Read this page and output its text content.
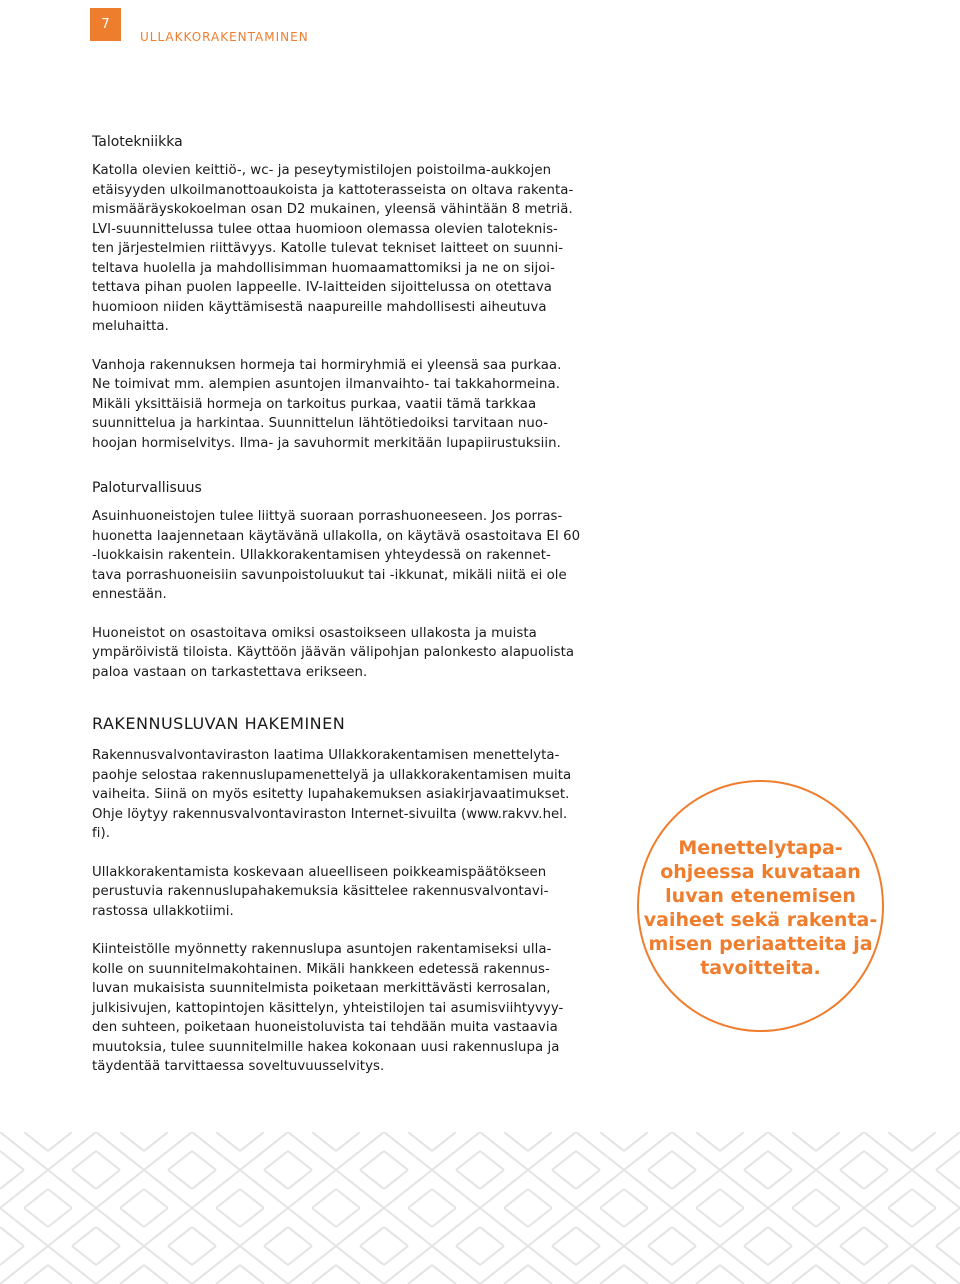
7
ULLAKKORAKENTAMINEN
Talotekniikka

Katolla olevien keittiö-, wc- ja peseytymistilojen poistoilma-aukkojen
etäisyyden ulkoilmanottoaukoista ja kattoterasseista on oltava rakenta-
mismääräyskokoelman osan D2 mukainen, yleensä vähintään 8 metriä.
LVI-suunnittelussa tulee ottaa huomioon olemassa olevien taloteknis-
ten järjestelmien riittävyys. Katolle tulevat tekniset laitteet on suunni-
teltava huolella ja mahdollisimman huomaamattomiksi ja ne on sijoi-
tettava pihan puolen lappeelle. IV-laitteiden sijoittelussa on otettava
huomioon niiden käyttämisestä naapureille mahdollisesti aiheutuva
meluhaitta.

Vanhoja rakennuksen hormeja tai hormiryhmiä ei yleensä saa purkaa.
Ne toimivat mm. alempien asuntojen ilmanvaihto- tai takkahormeina.
Mikäli yksittäisiä hormeja on tarkoitus purkaa, vaatii tämä tarkkaa
suunnittelua ja harkintaa. Suunnittelun lähtötiedoiksi tarvitaan nuo-
hoojan hormiselvitys. Ilma- ja savuhormit merkitään lupapiirustuksiin.

Paloturvallisuus

Asuinhuoneistojen tulee liittyä suoraan porrashuoneeseen. Jos porras-
huonetta laajennetaan käytävänä ullakolla, on käytävä osastoitava EI 60
-luokkaisin rakentein. Ullakkorakentamisen yhteydessä on rakennet-
tava porrashuoneisiin savunpoistoluukut tai -ikkunat, mikäli niitä ei ole
ennestään.

Huoneistot on osastoitava omiksi osastoikseen ullakosta ja muista
ympäröivistä tiloista. Käyttöön jäävän välipohjan palonkesto alapuolista
paloa vastaan on tarkastettava erikseen.

RAKENNUSLUVAN HAKEMINEN

Rakennusvalvontaviraston laatima Ullakkorakentamisen menettelyta-
paohje selostaa rakennuslupamenettelyä ja ullakkorakentamisen muita
vaiheita. Siinä on myös esitetty lupahakemuksen asiakirjavaatimukset.
Ohje löytyy rakennusvalvontaviraston Internet-sivuilta (www.rakvv.hel.
fi).

Ullakkorakentamista koskevaan alueelliseen poikkeamispäätökseen
perustuvia rakennuslupahakemuksia käsittelee rakennusvalvontavi-
rastossa ullakkotiimi.

Kiinteistölle myönnetty rakennuslupa asuntojen rakentamiseksi ulla-
kolle on suunnitelmakohtainen. Mikäli hankkeen edetessä rakennus-
luvan mukaisista suunnitelmista poiketaan merkittävästi kerrosalan,
julkisivujen, kattopintojen käsittelyn, yhteistilojen tai asumisviihtyvyy-
den suhteen, poiketaan huoneistoluvista tai tehdään muita vastaavia
muutoksia, tulee suunnitelmille hakea kokonaan uusi rakennuslupa ja
täydentää tarvittaessa soveltuvuusselvitys.

Menettelytapa-
ohjeessa kuvataan
luvan etenemisen
vaiheet sekä rakenta-
misen periaatteita ja
tavoitteita.
